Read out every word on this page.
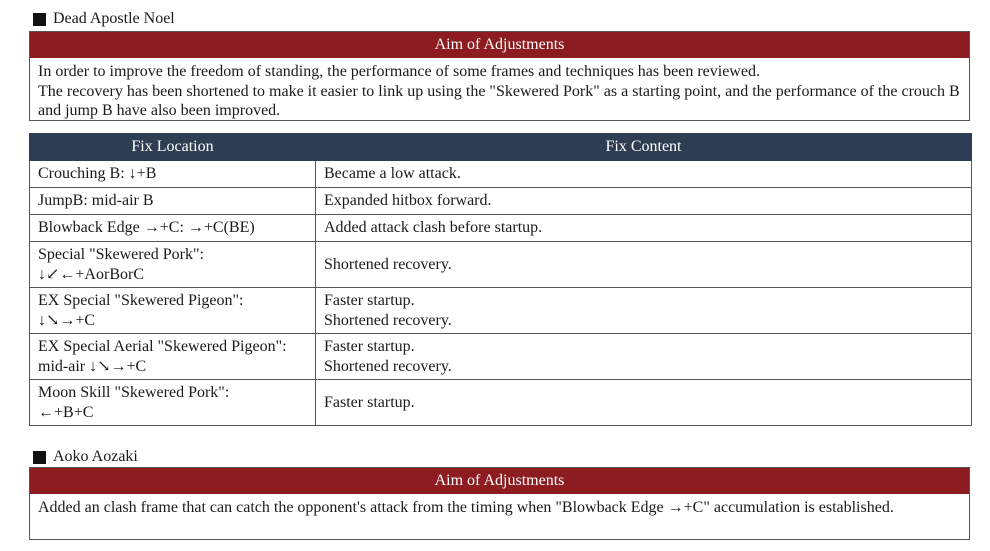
Dead Apostle Noel
Aim of Adjustments

In order to improve the freedom of standing, the performance of some frames and techniques has been reviewed.

The recovery has been shortened to make it easier to link up using the "Skewered Pork" as a starting point, and the performance of the crouch B and jump B have also been improved.

Fix Location	Fix Content
Crouching B: ↓+B	Became a low attack.
JumpB: mid-air B	Expanded hitbox forward.
Blowback Edge →+C: →+C(BE)	Added attack clash before startup.
Special "Skewered Pork":
↓↙←+AorBorC	Shortened recovery.
EX Special "Skewered Pigeon":
↓↘→+C	Faster startup.
Shortened recovery.
EX Special Aerial "Skewered Pigeon":
mid-air ↓↘→+C	Faster startup.
Shortened recovery.
Moon Skill "Skewered Pork":
←+B+C	Faster startup.
Aoko Aozaki
Aim of Adjustments

Added an clash frame that can catch the opponent's attack from the timing when "Blowback Edge →+C" accumulation is established.
